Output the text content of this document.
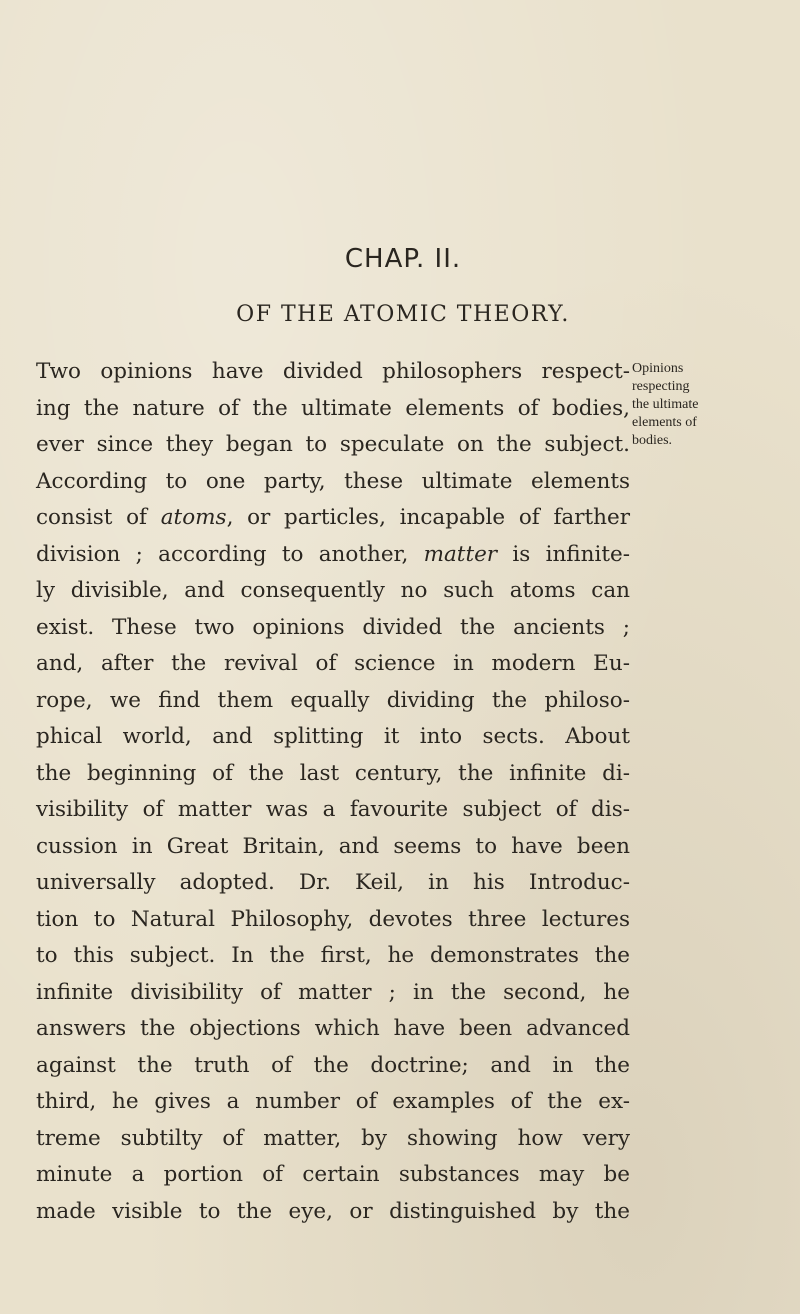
CHAP. II.
OF THE ATOMIC THEORY.
Two opinions have divided philosophers respect-
ing the nature of the ultimate elements of bodies,
ever since they began to speculate on the subject.
According to one party, these ultimate elements
consist of atoms, or particles, incapable of farther
division ; according to another, matter is infinite-
ly divisible, and consequently no such atoms can
exist. These two opinions divided the ancients ;
and, after the revival of science in modern Eu-
rope, we find them equally dividing the philoso-
phical world, and splitting it into sects. About
the beginning of the last century, the infinite di-
visibility of matter was a favourite subject of dis-
cussion in Great Britain, and seems to have been
universally adopted. Dr. Keil, in his Introduc-
tion to Natural Philosophy, devotes three lectures
to this subject. In the first, he demonstrates the
infinite divisibility of matter ; in the second, he
answers the objections which have been advanced
against the truth of the doctrine; and in the
third, he gives a number of examples of the ex-
treme subtilty of matter, by showing how very
minute a portion of certain substances may be
made visible to the eye, or distinguished by the
Opinions
respecting
the ultimate
elements of
bodies.
